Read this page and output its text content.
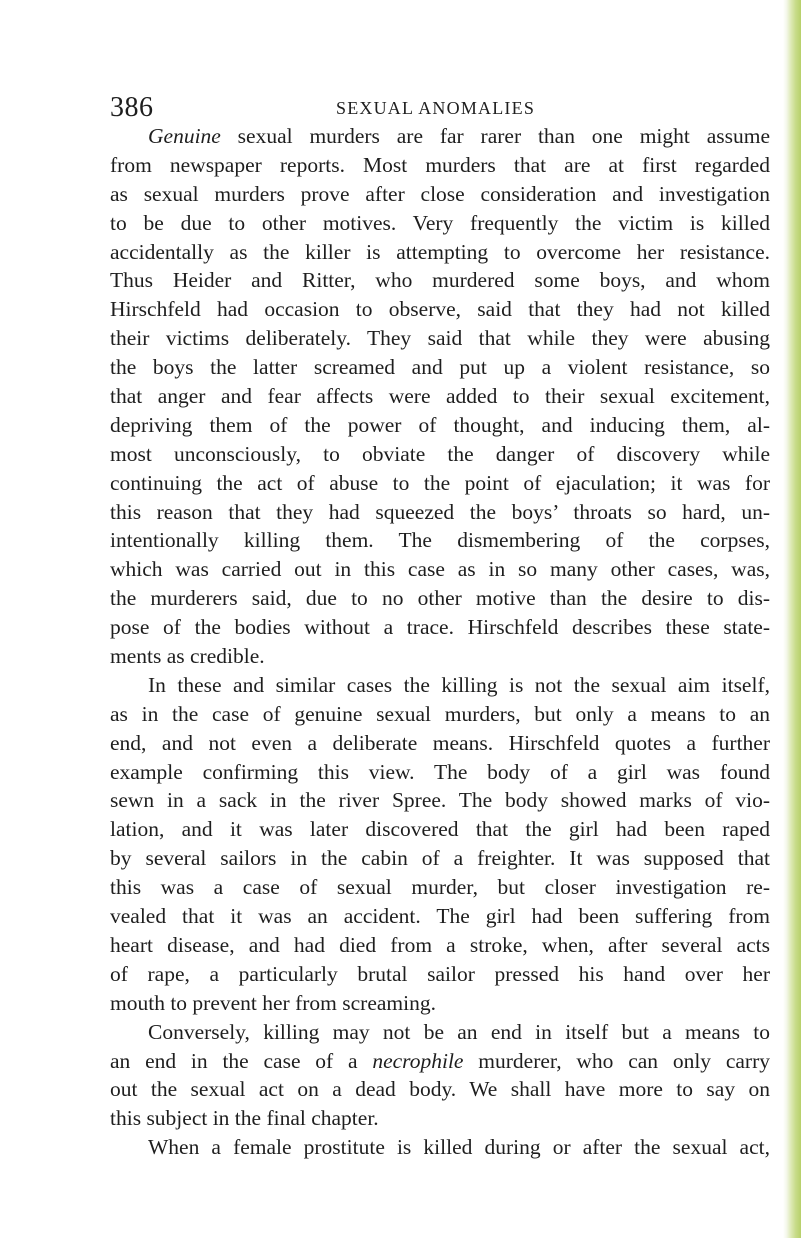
386	SEXUAL ANOMALIES
Genuine sexual murders are far rarer than one might assume
from newspaper reports. Most murders that are at first regarded
as sexual murders prove after close consideration and investigation
to be due to other motives. Very frequently the victim is killed
accidentally as the killer is attempting to overcome her resistance.
Thus Heider and Ritter, who murdered some boys, and whom
Hirschfeld had occasion to observe, said that they had not killed
their victims deliberately. They said that while they were abusing
the boys the latter screamed and put up a violent resistance, so
that anger and fear affects were added to their sexual excitement,
depriving them of the power of thought, and inducing them, al-
most unconsciously, to obviate the danger of discovery while
continuing the act of abuse to the point of ejaculation; it was for
this reason that they had squeezed the boys’ throats so hard, un-
intentionally killing them. The dismembering of the corpses,
which was carried out in this case as in so many other cases, was,
the murderers said, due to no other motive than the desire to dis-
pose of the bodies without a trace. Hirschfeld describes these state-
ments as credible.
In these and similar cases the killing is not the sexual aim itself,
as in the case of genuine sexual murders, but only a means to an
end, and not even a deliberate means. Hirschfeld quotes a further
example confirming this view. The body of a girl was found
sewn in a sack in the river Spree. The body showed marks of vio-
lation, and it was later discovered that the girl had been raped
by several sailors in the cabin of a freighter. It was supposed that
this was a case of sexual murder, but closer investigation re-
vealed that it was an accident. The girl had been suffering from
heart disease, and had died from a stroke, when, after several acts
of rape, a particularly brutal sailor pressed his hand over her
mouth to prevent her from screaming.
Conversely, killing may not be an end in itself but a means to
an end in the case of a necrophile murderer, who can only carry
out the sexual act on a dead body. We shall have more to say on
this subject in the final chapter.
When a female prostitute is killed during or after the sexual act,
